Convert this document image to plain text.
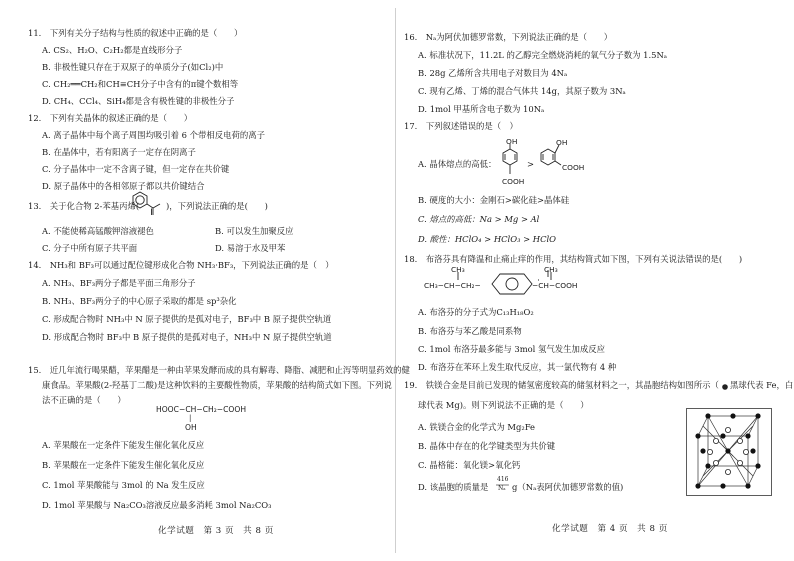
11.　下列有关分子结构与性质的叙述中正确的是（　　）
A. CS₂、H₂O、C₂H₂都是直线形分子
B. 非极性键只存在于双原子的单质分子(如Cl₂)中
C. CH₂══CH₂和CH≡CH分子中含有的π键个数相等
D. CH₄、CCl₄、SiH₄都是含有极性键的非极性分子
12.　下列有关晶体的叙述正确的是（　　）
A. 离子晶体中每个离子周围均吸引着 6 个带相反电荷的离子
B. 在晶体中，若有阳离子一定存在阴离子
C. 分子晶体中一定不含离子键，但一定存在共价键
D. 原子晶体中的各相邻原子都以共价键结合
13.　关于化合物 2-苯基丙烯(	)，下列说法正确的是(　　)
A. 不能使稀高锰酸钾溶液褪色	B. 可以发生加聚反应
C. 分子中所有原子共平面	D. 易溶于水及甲苯
14.　NH₃和 BF₃可以通过配位键形成化合物 NH₃·BF₃，下列说法正确的是（　）
A. NH₃、BF₃两分子都是平面三角形分子
B. NH₃、BF₃两分子的中心原子采取的都是 sp³杂化
C. 形成配合物时 NH₃中 N 原子提供的是孤对电子，BF₃中 B 原子提供空轨道
D. 形成配合物时 BF₃中 B 原子提供的是孤对电子，NH₃中 N 原子提供空轨道
15.　近几年流行喝果醋，苹果醋是一种由苹果发酵而成的具有解毒、降脂、减肥和止泻等明显药效的健
康食品。苹果酸(2-羟基丁二酸)是这种饮料的主要酸性物质，苹果酸的结构简式如下图。下列说
法不正确的是（　　）
HOOC−CH−CH₂−COOH
|
OH
A. 苹果酸在一定条件下能发生催化氧化反应
B. 苹果酸在一定条件下能发生催化氧化反应
C. 1mol 苹果酸能与 3mol 的 Na 发生反应
D. 1mol 苹果酸与 Na₂CO₃溶液反应最多消耗 3mol Na₂CO₃
化学试题　第 3 页　共 8 页
16.　Nₐ为阿伏加德罗常数，下列说法正确的是（　　）
A. 标准状况下，11.2L 的乙醇完全燃烧消耗的氧气分子数为 1.5Nₐ
B. 28g 乙烯所含共用电子对数目为 4Nₐ
C. 现有乙烯、丁烯的混合气体共 14g，其原子数为 3Nₐ
D. 1mol 甲基所含电子数为 10Nₐ
17.　下列叙述错误的是（　）
A. 晶体熔点的高低：
OH
COOH
>
OH
COOH
B. 硬度的大小：金刚石>碳化硅>晶体硅
C. 熔点的高低：Na > Mg > Al
D. 酸性：HClO₄ > HClO₃ > HClO
18.　布洛芬具有降温和止痛止痒的作用，其结构简式如下图，下列有关说法错误的是(　　)
CH₃	CH₃
CH₃−CH−CH₂−	−CH−COOH
A. 布洛芬的分子式为C₁₃H₁₈O₂
B. 布洛芬与苯乙酸是同系物
C. 1mol 布洛芬最多能与 3mol 氢气发生加成反应
D. 布洛芬在苯环上发生取代反应，其一氯代物有 4 种
19.　铁镁合金是目前已发现的储氢密度较高的储氢材料之一，其晶胞结构如图所示（ 黑球代表 Fe，白
球代表 Mg)。则下列说法不正确的是（　　）
A. 铁镁合金的化学式为 Mg₂Fe
B. 晶体中存在的化学键类型为共价键
C. 晶格能：氧化镁>氧化钙
D. 该晶胞的质量是
416
Nₐ g（Nₐ表阿伏加德罗常数的值)
化学试题　第 4 页　共 8 页
